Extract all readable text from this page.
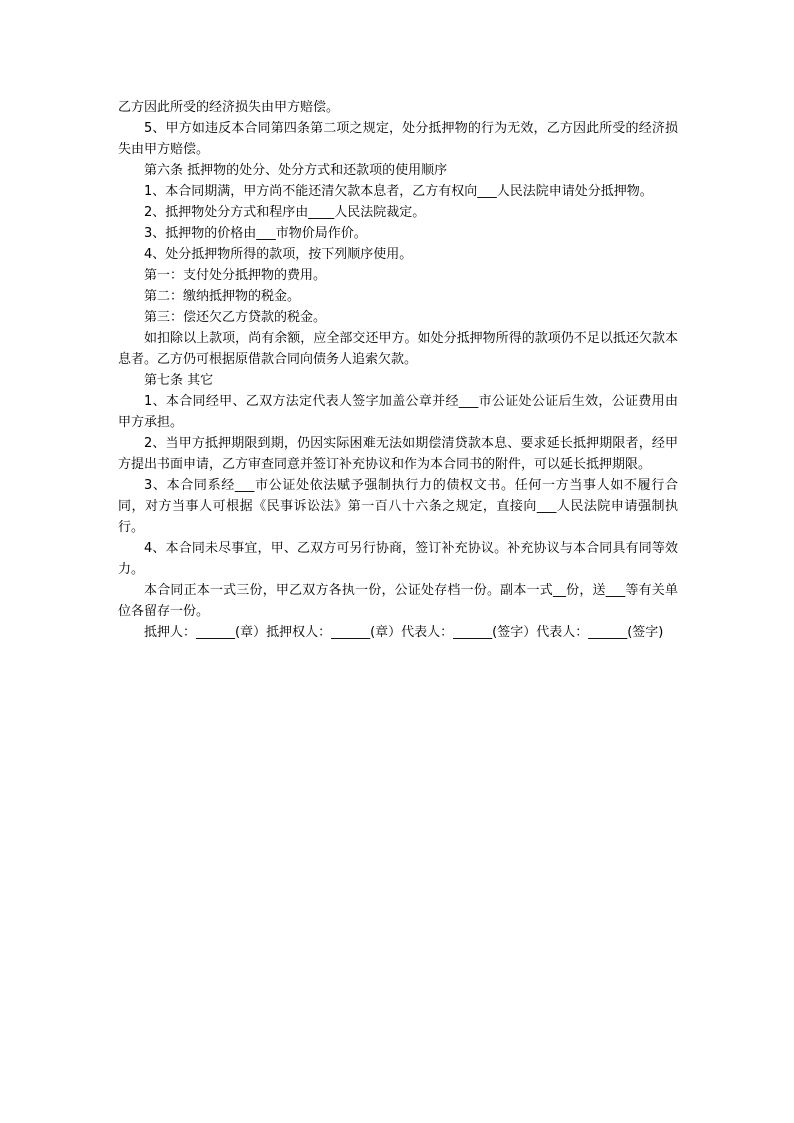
乙方因此所受的经济损失由甲方赔偿。

5、甲方如违反本合同第四条第二项之规定，处分抵押物的行为无效，乙方因此所受的经济损失由甲方赔偿。

第六条 抵押物的处分、处分方式和还款项的使用顺序

1、本合同期满，甲方尚不能还清欠款本息者，乙方有权向___人民法院申请处分抵押物。

2、抵押物处分方式和程序由____人民法院裁定。

3、抵押物的价格由___市物价局作价。

4、处分抵押物所得的款项，按下列顺序使用。

第一：支付处分抵押物的费用。

第二：缴纳抵押物的税金。

第三：偿还欠乙方贷款的税金。

如扣除以上款项，尚有余额，应全部交还甲方。如处分抵押物所得的款项仍不足以抵还欠款本息者。乙方仍可根据原借款合同向债务人追索欠款。

第七条 其它

1、本合同经甲、乙双方法定代表人签字加盖公章并经___市公证处公证后生效，公证费用由甲方承担。

2、当甲方抵押期限到期，仍因实际困难无法如期偿清贷款本息、要求延长抵押期限者，经甲方提出书面申请，乙方审查同意并签订补充协议和作为本合同书的附件，可以延长抵押期限。

3、本合同系经___市公证处依法赋予强制执行力的债权文书。任何一方当事人如不履行合同，对方当事人可根据《民事诉讼法》第一百八十六条之规定，直接向___人民法院申请强制执行。

4、本合同未尽事宜，甲、乙双方可另行协商，签订补充协议。补充协议与本合同具有同等效力。

本合同正本一式三份，甲乙双方各执一份，公证处存档一份。副本一式__份，送___等有关单位各留存一份。

抵押人：______(章）抵押权人：______(章）代表人：______(签字）代表人：______(签字)
